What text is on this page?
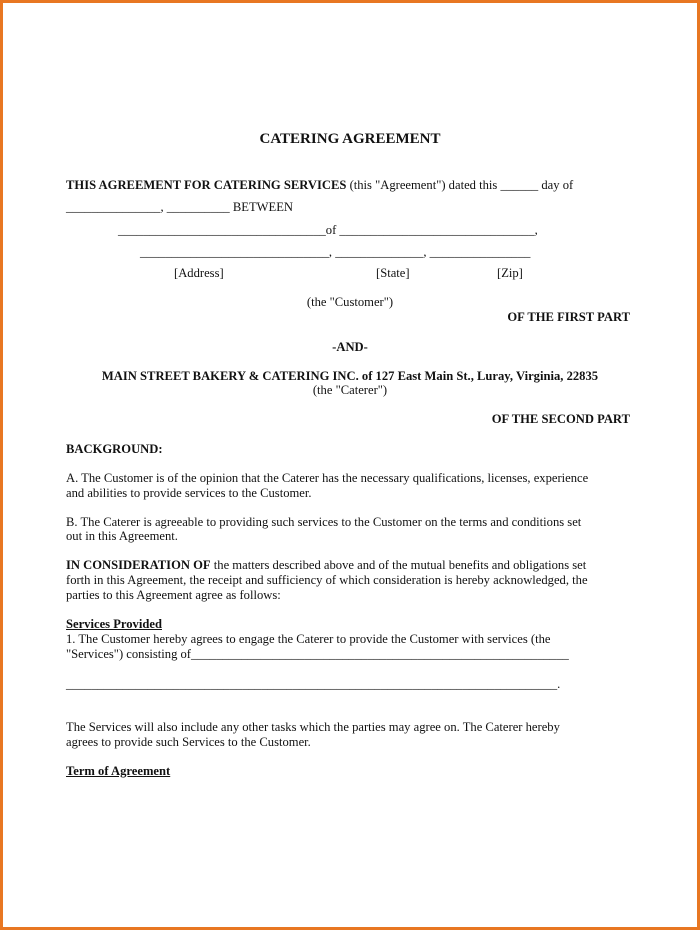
CATERING AGREEMENT
THIS AGREEMENT FOR CATERING SERVICES (this "Agreement") dated this ______ day of
_______________, __________ BETWEEN
_________________________________of _______________________________,
______________________________, ______________, ________________
[Address]	[State]	[Zip]
(the "Customer")
OF THE FIRST PART
-AND-
MAIN STREET BAKERY & CATERING INC. of 127 East Main St., Luray, Virginia, 22835
(the "Caterer")
OF THE SECOND PART
BACKGROUND:
A. The Customer is of the opinion that the Caterer has the necessary qualifications, licenses, experience
and abilities to provide services to the Customer.
B. The Caterer is agreeable to providing such services to the Customer on the terms and conditions set
out in this Agreement.
IN CONSIDERATION OF the matters described above and of the mutual benefits and obligations set
forth in this Agreement, the receipt and sufficiency of which consideration is hereby acknowledged, the
parties to this Agreement agree as follows:
Services Provided
1. The Customer hereby agrees to engage the Caterer to provide the Customer with services (the
"Services") consisting of____________________________________________________________
______________________________________________________________________________.
The Services will also include any other tasks which the parties may agree on. The Caterer hereby
agrees to provide such Services to the Customer.
Term of Agreement
